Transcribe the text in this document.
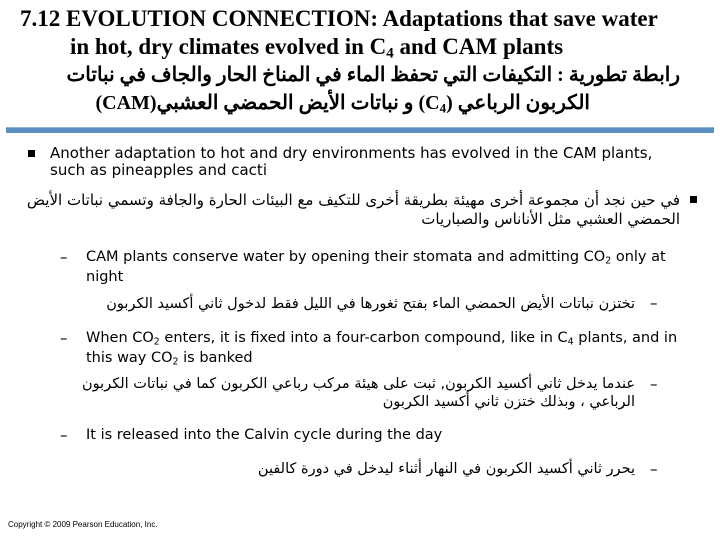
7.12 EVOLUTION CONNECTION: Adaptations that save water
in hot, dry climates evolved in $C_4$ and CAM plants
رابطة تطورية : التكيفات التي تحفظ الماء في المناخ الحار والجاف في نباتات
الكربون الرباعي $(C_4)$ و نباتات الأيض الحمضي العشبي(CAM)
Another adaptation to hot and dry environments has evolved in the CAM plants, such as pineapples and cacti
في حين نجد أن مجموعة أخرى مهيئة بطريقة أخرى للتكيف مع البيئات الحارة والجافة وتسمي نباتات الأيض الحمضي العشبي مثل الأناناس والصباريات
– CAM plants conserve water by opening their stomata and admitting $CO_2$ only at night
–
تختزن نباتات الأيض الحمضي الماء بفتح ثغورها في الليل فقط لدخول ثاني أكسيد الكربون
– When $CO_2$ enters, it is fixed into a four-carbon compound, like in $C_4$ plants, and in this way $CO_2$ is banked
–
عندما يدخل ثاني أكسيد الكربون, ثبت على هيئة مركب رباعي الكربون كما في نباتات الكربون الرباعي ، وبذلك ختزن ثاني أكسيد الكربون
– It is released into the Calvin cycle during the day
–
يحرر ثاني أكسيد الكربون في النهار أثناء ليدخل في دورة كالفين
Copyright © 2009 Pearson Education, Inc.
